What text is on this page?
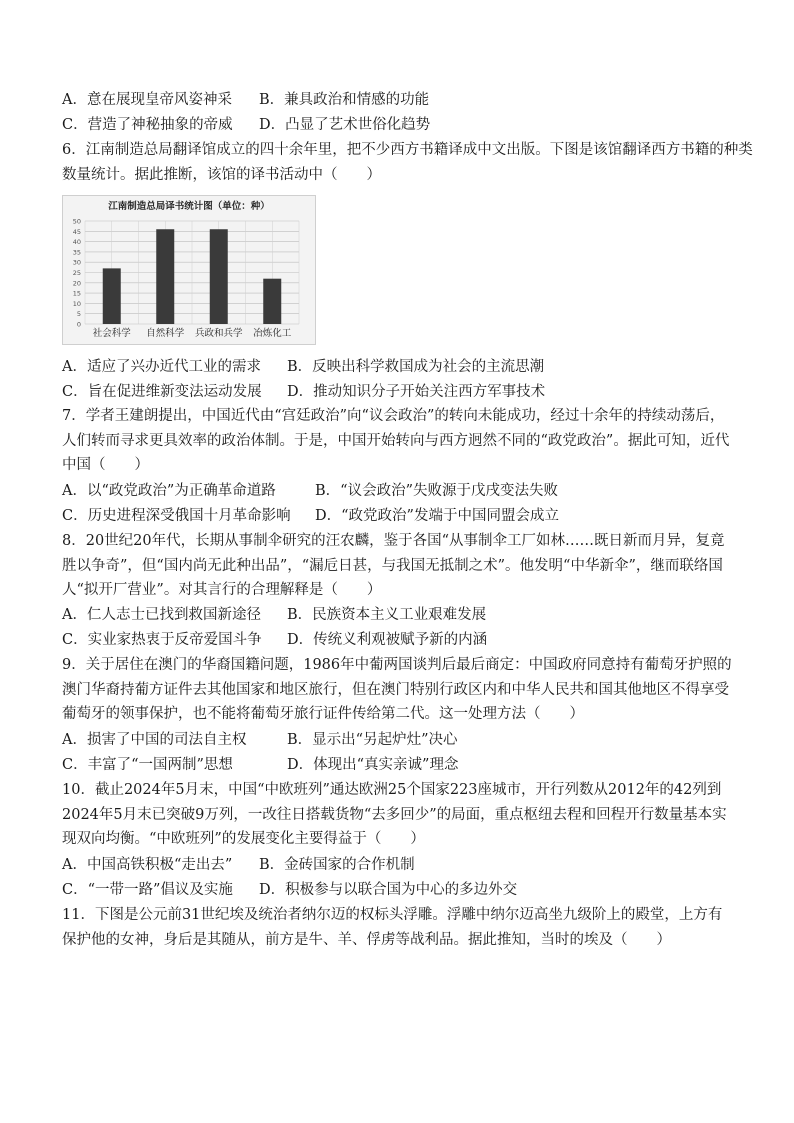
A．意在展现皇帝风姿神采 B．兼具政治和情感的功能
C．营造了神秘抽象的帝威 D．凸显了艺术世俗化趋势
6．江南制造总局翻译馆成立的四十余年里，把不少西方书籍译成中文出版。下图是该馆翻译西方书籍的种类
数量统计。据此推断，该馆的译书活动中（　　）
江南制造总局译书统计图（单位：种）
0
5
10
15
20
25
30
35
40
45
50
社会科学 自然科学 兵政和兵学 冶炼化工
A．适应了兴办近代工业的需求 B．反映出科学救国成为社会的主流思潮
C．旨在促进维新变法运动发展 D．推动知识分子开始关注西方军事技术
7．学者王建朗提出，中国近代由“宫廷政治”向“议会政治”的转向未能成功，经过十余年的持续动荡后，人们转而寻求更具效率的政治体制。于是，中国开始转向与西方迥然不同的“政党政治”。据此可知，近代中国（　　）
A．以“政党政治”为正确革命道路	B．“议会政治”失败源于戊戌变法失败
C．历史进程深受俄国十月革命影响 D．“政党政治”发端于中国同盟会成立
8．20世纪20年代，长期从事制伞研究的汪农麟，鉴于各国“从事制伞工厂如林……既日新而月异，复竟胜以争奇”，但“国内尚无此种出品”，“漏卮日甚，与我国无抵制之术”。他发明“中华新伞”，继而联络国人“拟开厂营业”。对其言行的合理解释是（　　）
A．仁人志士已找到救国新途径 B．民族资本主义工业艰难发展
C．实业家热衷于反帝爱国斗争 D．传统义利观被赋予新的内涵
9．关于居住在澳门的华裔国籍问题，1986年中葡两国谈判后最后商定：中国政府同意持有葡萄牙护照的澳门华裔持葡方证件去其他国家和地区旅行，但在澳门特别行政区内和中华人民共和国其他地区不得享受葡萄牙的领事保护，也不能将葡萄牙旅行证件传给第二代。这一处理方法（　　）
A．损害了中国的司法自主权	B．显示出“另起炉灶”决心
C．丰富了“一国两制”思想	D．体现出“真实亲诚”理念
10．截止2024年5月末，中国“中欧班列”通达欧洲25个国家223座城市，开行列数从2012年的42列到2024年5月末已突破9万列，一改往日搭载货物“去多回少”的局面，重点枢纽去程和回程开行数量基本实现双向均衡。“中欧班列”的发展变化主要得益于（　　）
A．中国高铁积极“走出去” B．金砖国家的合作机制
C．“一带一路”倡议及实施 D．积极参与以联合国为中心的多边外交
11．下图是公元前31世纪埃及统治者纳尔迈的权标头浮雕。浮雕中纳尔迈高坐九级阶上的殿堂，上方有保护他的女神，身后是其随从，前方是牛、羊、俘虏等战利品。据此推知，当时的埃及（　　）
